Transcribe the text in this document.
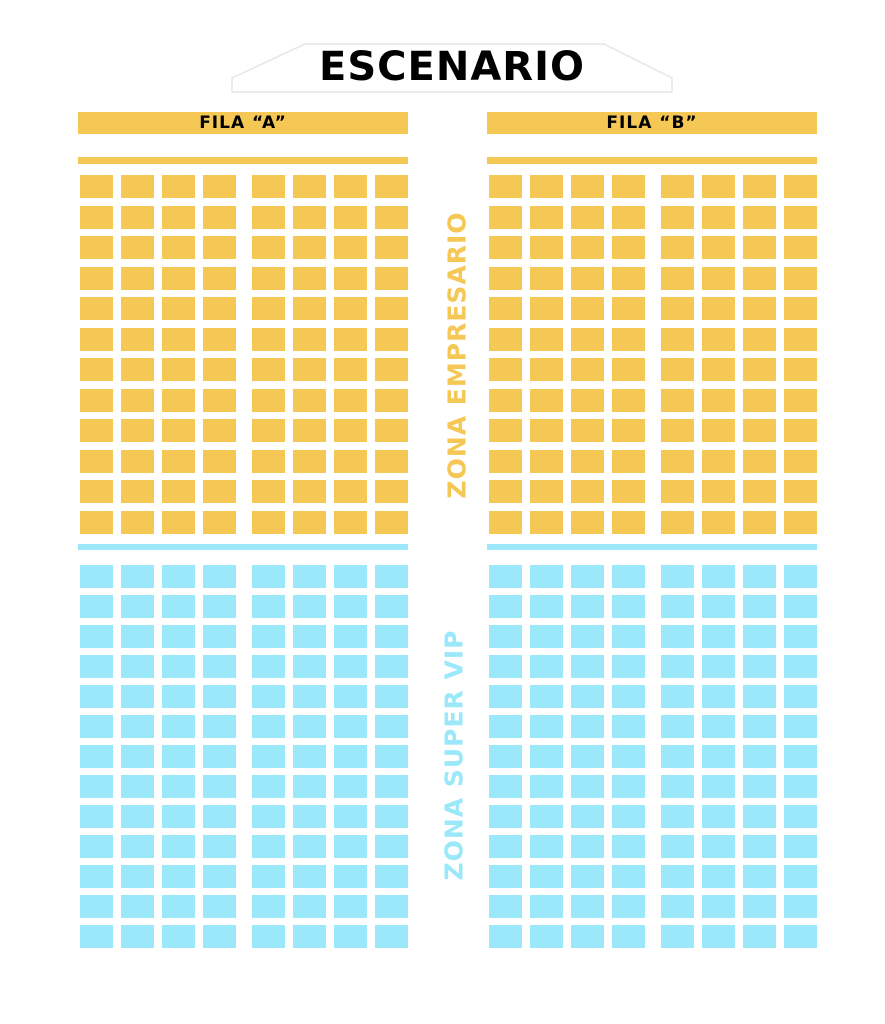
ESCENARIO
FILA “A”	FILA “B”
ZONA EMPRESARIO
ZONA SUPER VIP
